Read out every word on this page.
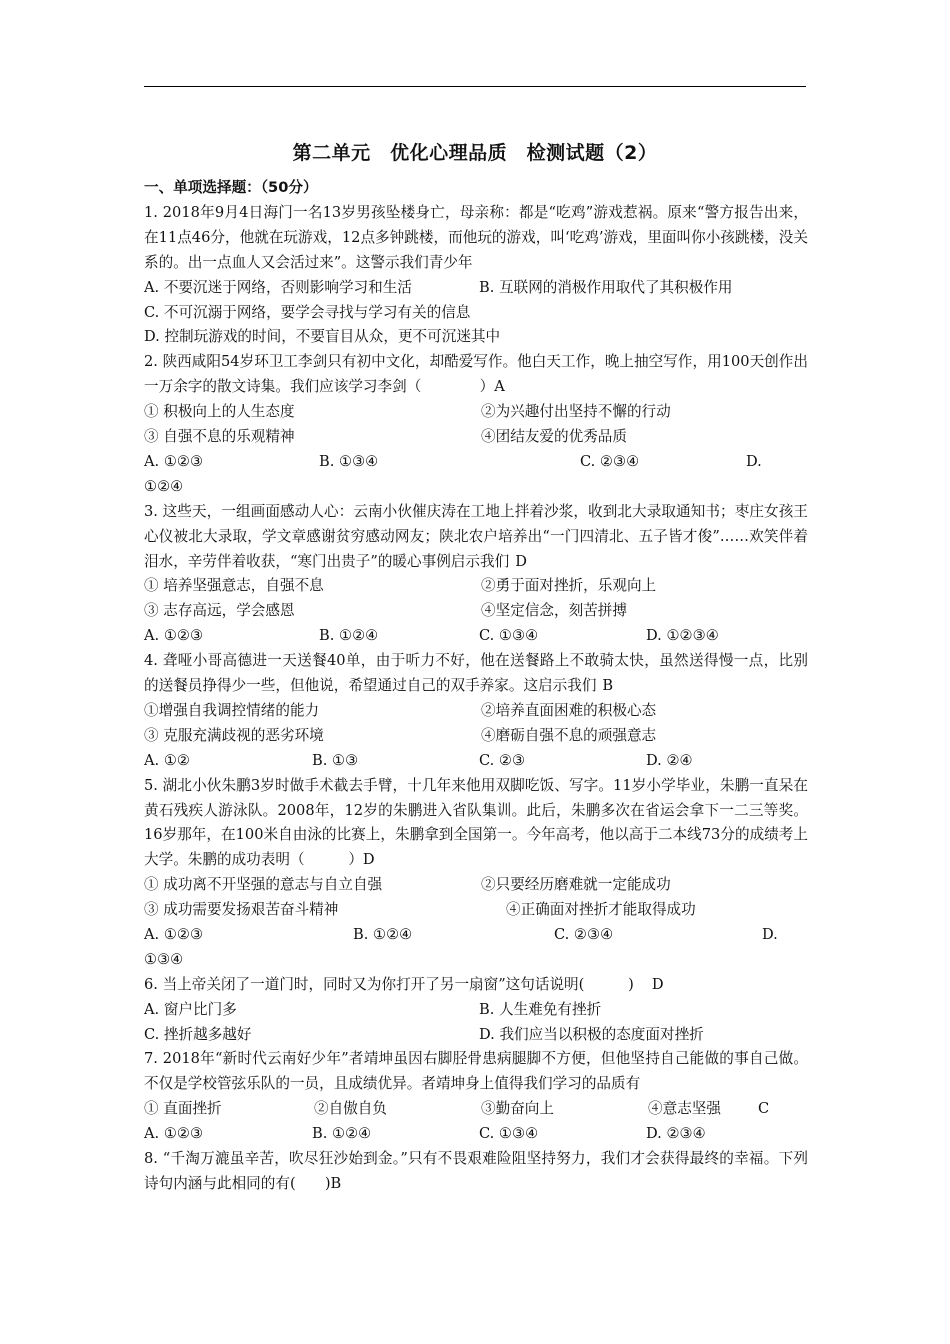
第二单元　优化心理品质　检测试题（2）
一、单项选择题：（50分）
1. 2018年9月4日海门一名13岁男孩坠楼身亡，母亲称：都是“吃鸡”游戏惹祸。原来“警方报告出来，在11点46分，他就在玩游戏，12点多钟跳楼，而他玩的游戏，叫‘吃鸡’游戏，里面叫你小孩跳楼，没关系的。出一点血人又会活过来”。这警示我们青少年
A. 不要沉迷于网络，否则影响学习和生活	B. 互联网的消极作用取代了其积极作用
C. 不可沉溺于网络，要学会寻找与学习有关的信息
D. 控制玩游戏的时间，不要盲目从众，更不可沉迷其中
2. 陕西咸阳54岁环卫工李剑只有初中文化，却酷爱写作。他白天工作，晚上抽空写作，用100天创作出一万余字的散文诗集。我们应该学习李剑（　　　　）A
① 积极向上的人生态度	②为兴趣付出坚持不懈的行动
③ 自强不息的乐观精神	④团结友爱的优秀品质
A. ①②③	B. ①③④	C. ②③④	D.
①②④
3. 这些天，一组画面感动人心：云南小伙催庆涛在工地上拌着沙浆，收到北大录取通知书；枣庄女孩王心仪被北大录取，学文章感谢贫穷感动网友；陕北农户培养出“一门四清北、五子皆才俊”……欢笑伴着泪水，辛劳伴着收获，“寒门出贵子”的暖心事例启示我们 D
① 培养坚强意志，自强不息	②勇于面对挫折，乐观向上
③ 志存高远，学会感恩	④坚定信念，刻苦拼搏
A. ①②③	B. ①②④	C. ①③④	D. ①②③④
4. 聋哑小哥高德进一天送餐40单，由于听力不好，他在送餐路上不敢骑太快，虽然送得慢一点，比别的送餐员挣得少一些，但他说，希望通过自己的双手养家。这启示我们 B
①增强自我调控情绪的能力	②培养直面困难的积极心态
③ 克服充满歧视的恶劣环境	④磨砺自强不息的顽强意志
A. ①②	B. ①③	C. ②③	D. ②④
5. 湖北小伙朱鹏3岁时做手术截去手臂，十几年来他用双脚吃饭、写字。11岁小学毕业，朱鹏一直呆在黄石残疾人游泳队。2008年，12岁的朱鹏进入省队集训。此后，朱鹏多次在省运会拿下一二三等奖。16岁那年，在100米自由泳的比赛上，朱鹏拿到全国第一。今年高考，他以高于二本线73分的成绩考上大学。朱鹏的成功表明（　　　）D
① 成功离不开坚强的意志与自立自强	②只要经历磨难就一定能成功
③ 成功需要发扬艰苦奋斗精神	④正确面对挫折才能取得成功
A. ①②③	B. ①②④	C. ②③④	D.
①③④
6. 当上帝关闭了一道门时，同时又为你打开了另一扇窗”这句话说明(　　　) D
A. 窗户比门多	B. 人生难免有挫折
C. 挫折越多越好	D. 我们应当以积极的态度面对挫折
7. 2018年“新时代云南好少年”者靖坤虽因右脚胫骨患病腿脚不方便，但他坚持自己能做的事自己做。不仅是学校管弦乐队的一员，且成绩优异。者靖坤身上值得我们学习的品质有
① 直面挫折	②自傲自负	③勤奋向上	④意志坚强	C
A. ①②③	B. ①②④	C. ①③④	D. ②③④
8. “千淘万漉虽辛苦，吹尽狂沙始到金。”只有不畏艰难险阻坚持努力，我们才会获得最终的幸福。下列诗句内涵与此相同的有(　　)B
